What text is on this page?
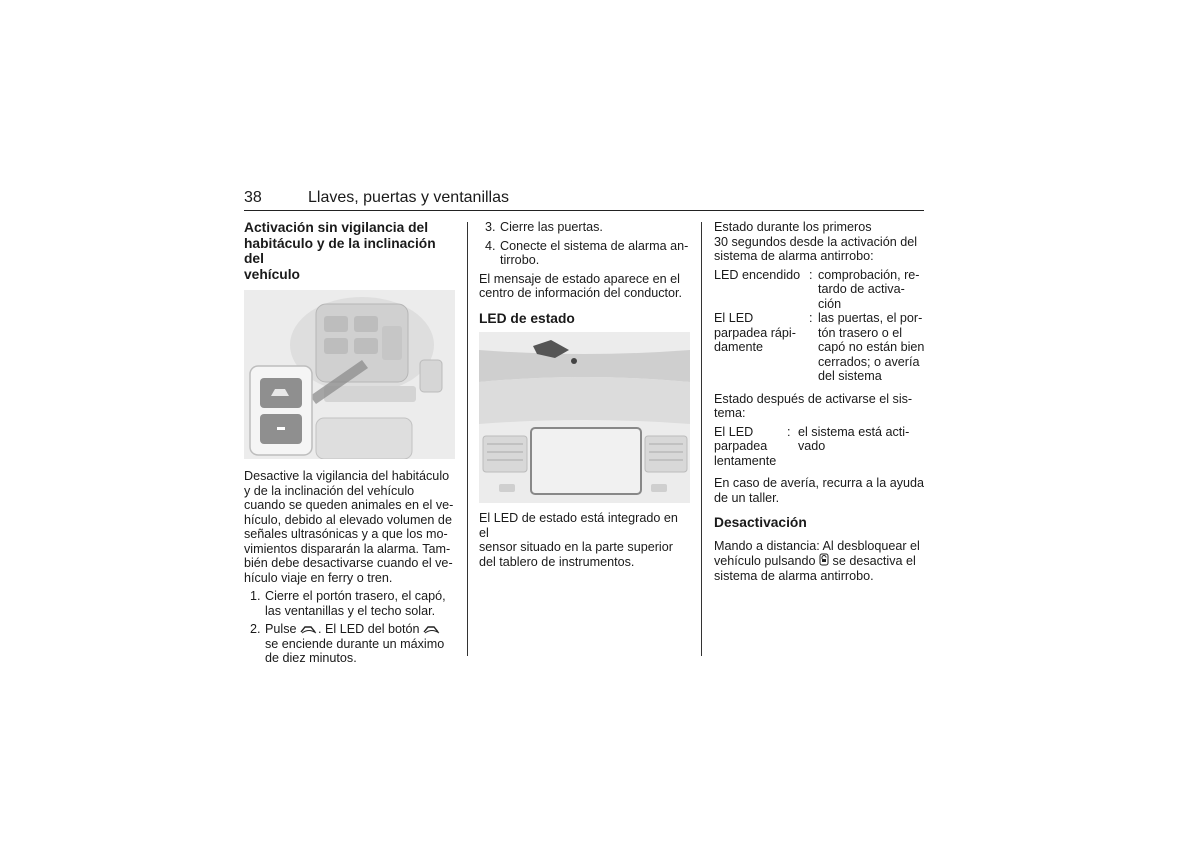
38	Llaves, puertas y ventanillas
Activación sin vigilancia del
habitáculo y de la inclinación del
vehículo

Desactive la vigilancia del habitáculo
y de la inclinación del vehículo
cuando se queden animales en el ve-
hículo, debido al elevado volumen de
señales ultrasónicas y a que los mo-
vimientos dispararán la alarma. Tam-
bién debe desactivarse cuando el ve-
hículo viaje en ferry o tren.

1. Cierre el portón trasero, el capó,
las ventanillas y el techo solar.
2. Pulse . El LED del botón
se enciende durante un máximo
de diez minutos.
3. Cierre las puertas.
4. Conecte el sistema de alarma an-
tirrobo.

El mensaje de estado aparece en el
centro de información del conductor.

LED de estado

El LED de estado está integrado en el
sensor situado en la parte superior
del tablero de instrumentos.

Estado durante los primeros
30 segundos desde la activación del
sistema de alarma antirrobo:

LED encendido : comprobación, re-
tardo de activa-
ción
El LED
parpadea rápi-
damente
: las puertas, el por-
tón trasero o el
capó no están bien
cerrados; o avería
del sistema

Estado después de activarse el sis-
tema:

El LED
parpadea
lentamente
: el sistema está acti-
vado

En caso de avería, recurra a la ayuda
de un taller.

Desactivación

Mando a distancia: Al desbloquear el
vehículo pulsando se desactiva el
sistema de alarma antirrobo.
